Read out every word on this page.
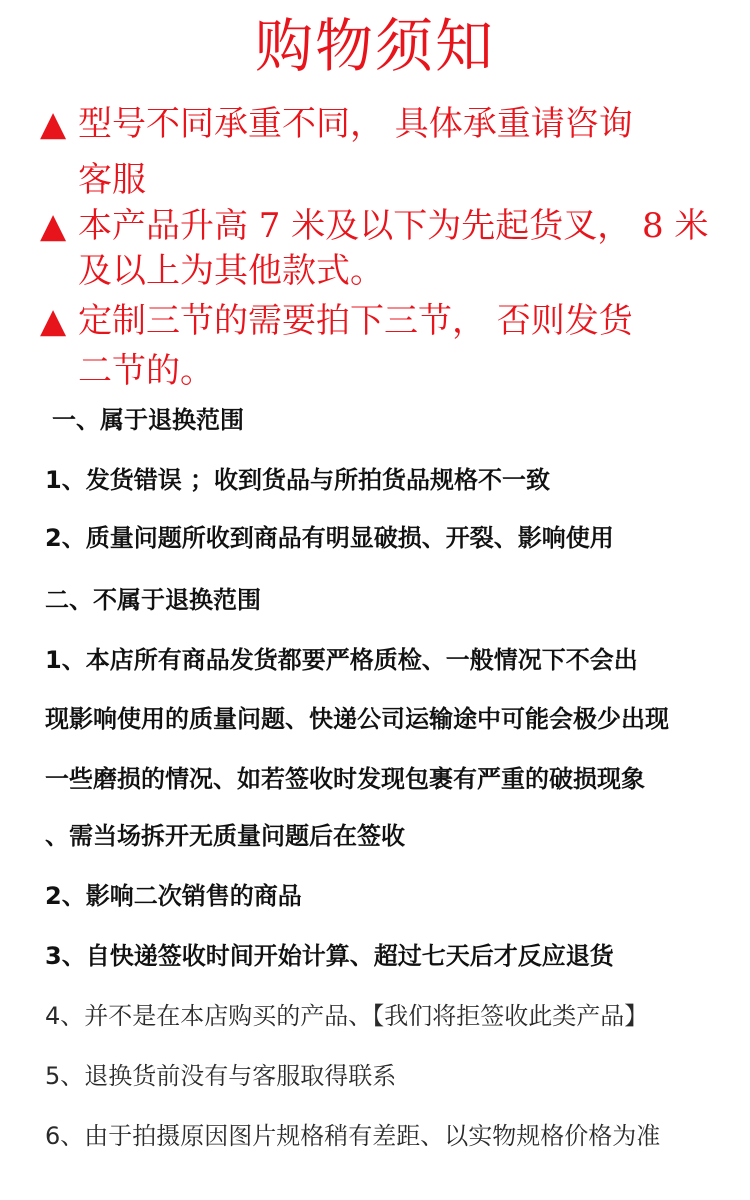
购物须知
▲ 型号不同承重不同， 具体承重请咨询
客服
▲ 本产品升高 7 米及以下为先起货叉， 8 米
及以上为其他款式。
▲ 定制三节的需要拍下三节， 否则发货
二节的。
一、属于退换范围
1、发货错误 ；收到货品与所拍货品规格不一致
2、质量问题所收到商品有明显破损、开裂、影响使用
二、不属于退换范围
1、本店所有商品发货都要严格质检、一般情况下不会出
现影响使用的质量问题、快递公司运输途中可能会极少出现
一些磨损的情况、如若签收时发现包裹有严重的破损现象
、需当场拆开无质量问题后在签收
2、影响二次销售的商品
3、自快递签收时间开始计算、超过七天后才反应退货
4、并不是在本店购买的产品、【我们将拒签收此类产品】
5、退换货前没有与客服取得联系
6、由于拍摄原因图片规格稍有差距、以实物规格价格为准
